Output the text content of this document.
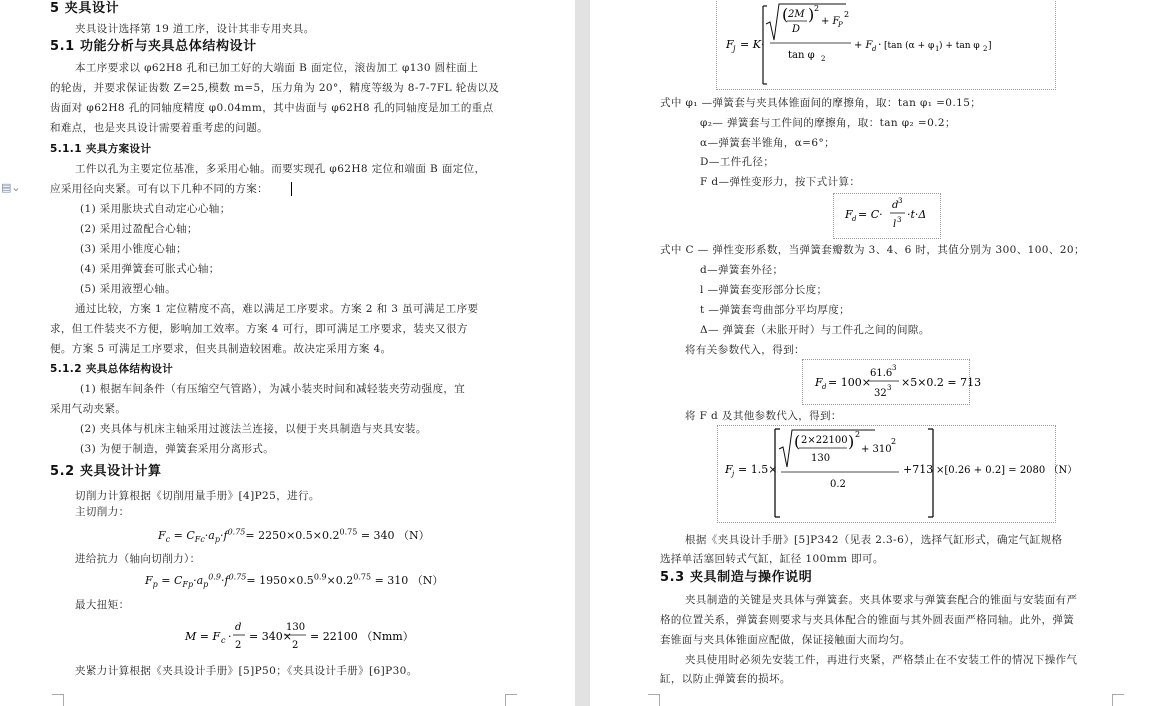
5 夹具设计
夹具设计选择第 19 道工序，设计其非专用夹具。
5.1 功能分析与夹具总体结构设计
本工序要求以 φ62H8 孔和已加工好的大端面 B 面定位，滚齿加工 φ130 圆柱面上
的轮齿，并要求保证齿数 Z=25,模数 m=5，压力角为 20°，精度等级为 8-7-7FL 轮齿以及
齿面对 φ62H8 孔的同轴度精度 φ0.04mm，其中齿面与 φ62H8 孔的同轴度是加工的重点
和难点，也是夹具设计需要着重考虑的问题。
5.1.1 夹具方案设计
工件以孔为主要定位基准，多采用心轴。而要实现孔 φ62H8 定位和端面 B 面定位，
应采用径向夹紧。可有以下几种不同的方案：
(1) 采用胀块式自动定心心轴；
(2) 采用过盈配合心轴；
(3) 采用小锥度心轴；
(4) 采用弹簧套可胀式心轴；
(5) 采用液塑心轴。
通过比较，方案 1 定位精度不高，难以满足工序要求。方案 2 和 3 虽可满足工序要
求，但工件装夹不方便，影响加工效率。方案 4 可行，即可满足工序要求，装夹又很方
便。方案 5 可满足工序要求，但夹具制造较困难。故决定采用方案 4。
5.1.2 夹具总体结构设计
(1) 根据车间条件（有压缩空气管路），为减小装夹时间和减轻装夹劳动强度，宜
采用气动夹紧。
(2) 夹具体与机床主轴采用过渡法兰连接，以便于夹具制造与夹具安装。
(3) 为便于制造，弹簧套采用分离形式。
5.2 夹具设计计算
切削力计算根据《切削用量手册》[4]P25，进行。
主切削力：
$F_c = C_{Fc}\cdot a_p\cdot f^{0.75}= 2250\times 0.5\times 0.2^{0.75} = 340$ （N）
进给抗力（轴向切削力）：
$F_p = C_{Fp}\cdot a_p^{0.9}\cdot f^{0.75}= 1950\times 0.5^{0.9}\times 0.2^{0.75} = 310$ （N）
最大扭矩：
M = F c ·
d
2
= 340×
130
2
= 22100 （Nmm）
夹紧力计算根据《夹具设计手册》[5]P50；《夹具设计手册》[6]P30。
▤⌄
F j = K·
( 2M
D
) 2
+ F
P
2
tan φ 2
+ F d · [tan (α + φ 1 ) + tan φ 2 ]
式中 φ₁ —弹簧套与夹具体锥面间的摩擦角，取：tan φ₁ =0.15；
φ₂— 弹簧套与工件间的摩擦角，取：tan φ₂ =0.2；
α—弹簧套半锥角，α=6°；
D—工件孔径；
F d—弹性变形力，按下式计算：
F d = C·
d 3
l 3 ·t·Δ
式中 C — 弹性变形系数，当弹簧套瓣数为 3、4、6 时，其值分别为 300、100、20；
d—弹簧套外径；
l —弹簧套变形部分长度；
t —弹簧套弯曲部分平均厚度；
Δ— 弹簧套（未胀开时）与工件孔之间的间隙。
将有关参数代入，得到：
F d = 100×
61.6 3
32 3 ×5×0.2 = 713
将 F d 及其他参数代入，得到：
F j = 1.5×
( 2×22100
130
) 2
+ 310
2
0.2
+713 ×[0.26 + 0.2] = 2080 （N）
根据《夹具设计手册》[5]P342（见表 2.3-6），选择气缸形式，确定气缸规格
选择单活塞回转式气缸，缸径 100mm 即可。
5.3 夹具制造与操作说明
夹具制造的关键是夹具体与弹簧套。夹具体要求与弹簧套配合的锥面与安装面有严
格的位置关系，弹簧套则要求与夹具体配合的锥面与其外圆表面严格同轴。此外，弹簧
套锥面与夹具体锥面应配做，保证接触面大而均匀。
夹具使用时必须先安装工件，再进行夹紧，严格禁止在不安装工件的情况下操作气
缸，以防止弹簧套的损坏。
